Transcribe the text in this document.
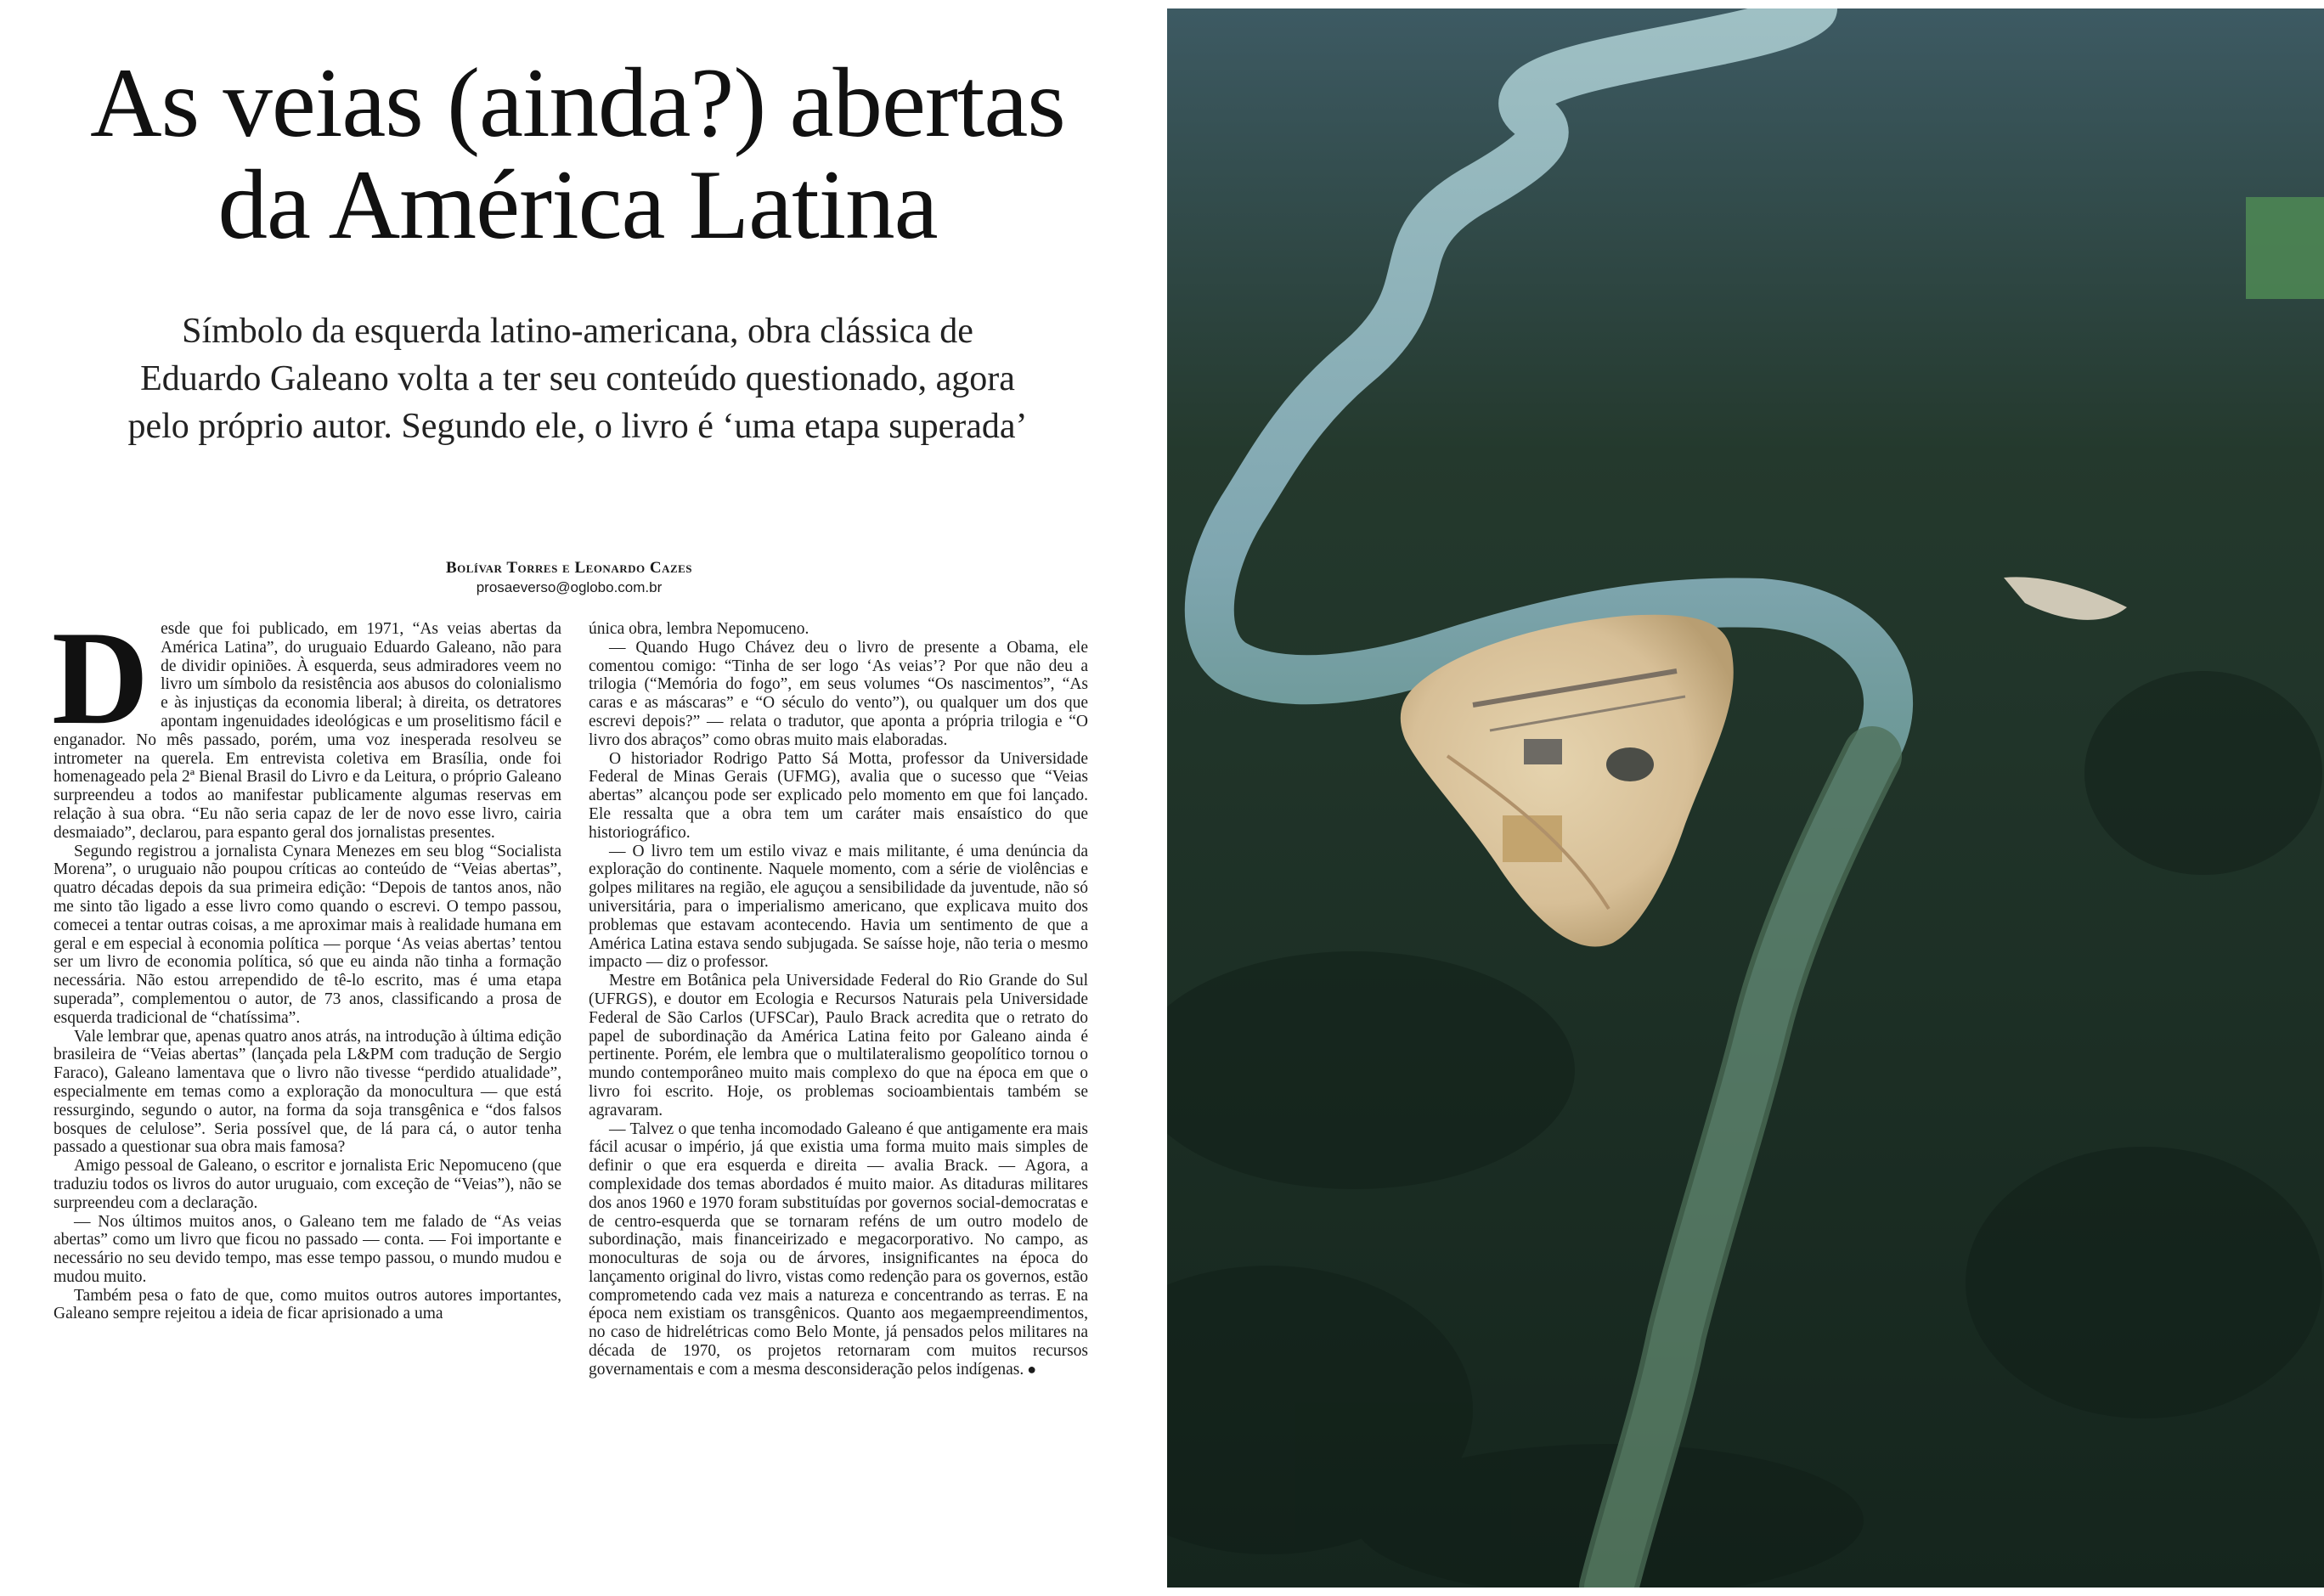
As veias (ainda?) abertas
da América Latina

Símbolo da esquerda latino-americana, obra clássica de
Eduardo Galeano volta a ter seu conteúdo questionado, agora
pelo próprio autor. Segundo ele, o livro é ‘uma etapa superada’

Bolívar Torres e Leonardo Cazes
prosaeverso@oglobo.com.br

Desde que foi publicado, em 1971, “As veias abertas da América Latina”, do uruguaio Eduardo Galeano, não para de dividir opiniões. À esquerda, seus admiradores veem no livro um símbolo da resistência aos abusos do colonialismo e às injustiças da economia liberal; à direita, os detratores apontam ingenuidades ideológicas e um proselitismo fácil e enganador. No mês passado, porém, uma voz inesperada resolveu se intrometer na querela. Em entrevista coletiva em Brasília, onde foi homenageado pela 2ª Bienal Brasil do Livro e da Leitura, o próprio Galeano surpreendeu a todos ao manifestar publicamente algumas reservas em relação à sua obra. “Eu não seria capaz de ler de novo esse livro, cairia desmaiado”, declarou, para espanto geral dos jornalistas presentes.

Segundo registrou a jornalista Cynara Menezes em seu blog “Socialista Morena”, o uruguaio não poupou críticas ao conteúdo de “Veias abertas”, quatro décadas depois da sua primeira edição: “Depois de tantos anos, não me sinto tão ligado a esse livro como quando o escrevi. O tempo passou, comecei a tentar outras coisas, a me aproximar mais à realidade humana em geral e em especial à economia política — porque ‘As veias abertas’ tentou ser um livro de economia política, só que eu ainda não tinha a formação necessária. Não estou arrependido de tê-lo escrito, mas é uma etapa superada”, complementou o autor, de 73 anos, classificando a prosa de esquerda tradicional de “chatíssima”.

Vale lembrar que, apenas quatro anos atrás, na introdução à última edição brasileira de “Veias abertas” (lançada pela L&PM com tradução de Sergio Faraco), Galeano lamentava que o livro não tivesse “perdido atualidade”, especialmente em temas como a exploração da monocultura — que está ressurgindo, segundo o autor, na forma da soja transgênica e “dos falsos bosques de celulose”. Seria possível que, de lá para cá, o autor tenha passado a questionar sua obra mais famosa?

Amigo pessoal de Galeano, o escritor e jornalista Eric Nepomuceno (que traduziu todos os livros do autor uruguaio, com exceção de “Veias”), não se surpreendeu com a declaração.

— Nos últimos muitos anos, o Galeano tem me falado de “As veias abertas” como um livro que ficou no passado — conta. — Foi importante e necessário no seu devido tempo, mas esse tempo passou, o mundo mudou e mudou muito.

Também pesa o fato de que, como muitos outros autores importantes, Galeano sempre rejeitou a ideia de ficar aprisionado a uma

única obra, lembra Nepomuceno.

— Quando Hugo Chávez deu o livro de presente a Obama, ele comentou comigo: “Tinha de ser logo ‘As veias’? Por que não deu a trilogia (“Memória do fogo”, em seus volumes “Os nascimentos”, “As caras e as máscaras” e “O século do vento”), ou qualquer um dos que escrevi depois?” — relata o tradutor, que aponta a própria trilogia e “O livro dos abraços” como obras muito mais elaboradas.

O historiador Rodrigo Patto Sá Motta, professor da Universidade Federal de Minas Gerais (UFMG), avalia que o sucesso que “Veias abertas” alcançou pode ser explicado pelo momento em que foi lançado. Ele ressalta que a obra tem um caráter mais ensaístico do que historiográfico.

— O livro tem um estilo vivaz e mais militante, é uma denúncia da exploração do continente. Naquele momento, com a série de violências e golpes militares na região, ele aguçou a sensibilidade da juventude, não só universitária, para o imperialismo americano, que explicava muito dos problemas que estavam acontecendo. Havia um sentimento de que a América Latina estava sendo subjugada. Se saísse hoje, não teria o mesmo impacto — diz o professor.

Mestre em Botânica pela Universidade Federal do Rio Grande do Sul (UFRGS), e doutor em Ecologia e Recursos Naturais pela Universidade Federal de São Carlos (UFSCar), Paulo Brack acredita que o retrato do papel de subordinação da América Latina feito por Galeano ainda é pertinente. Porém, ele lembra que o multilateralismo geopolítico tornou o mundo contemporâneo muito mais complexo do que na época em que o livro foi escrito. Hoje, os problemas socioambientais também se agravaram.

— Talvez o que tenha incomodado Galeano é que antigamente era mais fácil acusar o império, já que existia uma forma muito mais simples de definir o que era esquerda e direita — avalia Brack. — Agora, a complexidade dos temas abordados é muito maior. As ditaduras militares dos anos 1960 e 1970 foram substituídas por governos social-democratas e de centro-esquerda que se tornaram reféns de um outro modelo de subordinação, mais financeirizado e megacorporativo. No campo, as monoculturas de soja ou de árvores, insignificantes na época do lançamento original do livro, vistas como redenção para os governos, estão comprometendo cada vez mais a natureza e concentrando as terras. E na época nem existiam os transgênicos. Quanto aos megaempreendimentos, no caso de hidrelétricas como Belo Monte, já pensados pelos militares na década de 1970, os projetos retornaram com muitos recursos governamentais e com a mesma desconsideração pelos indígenas. ●
